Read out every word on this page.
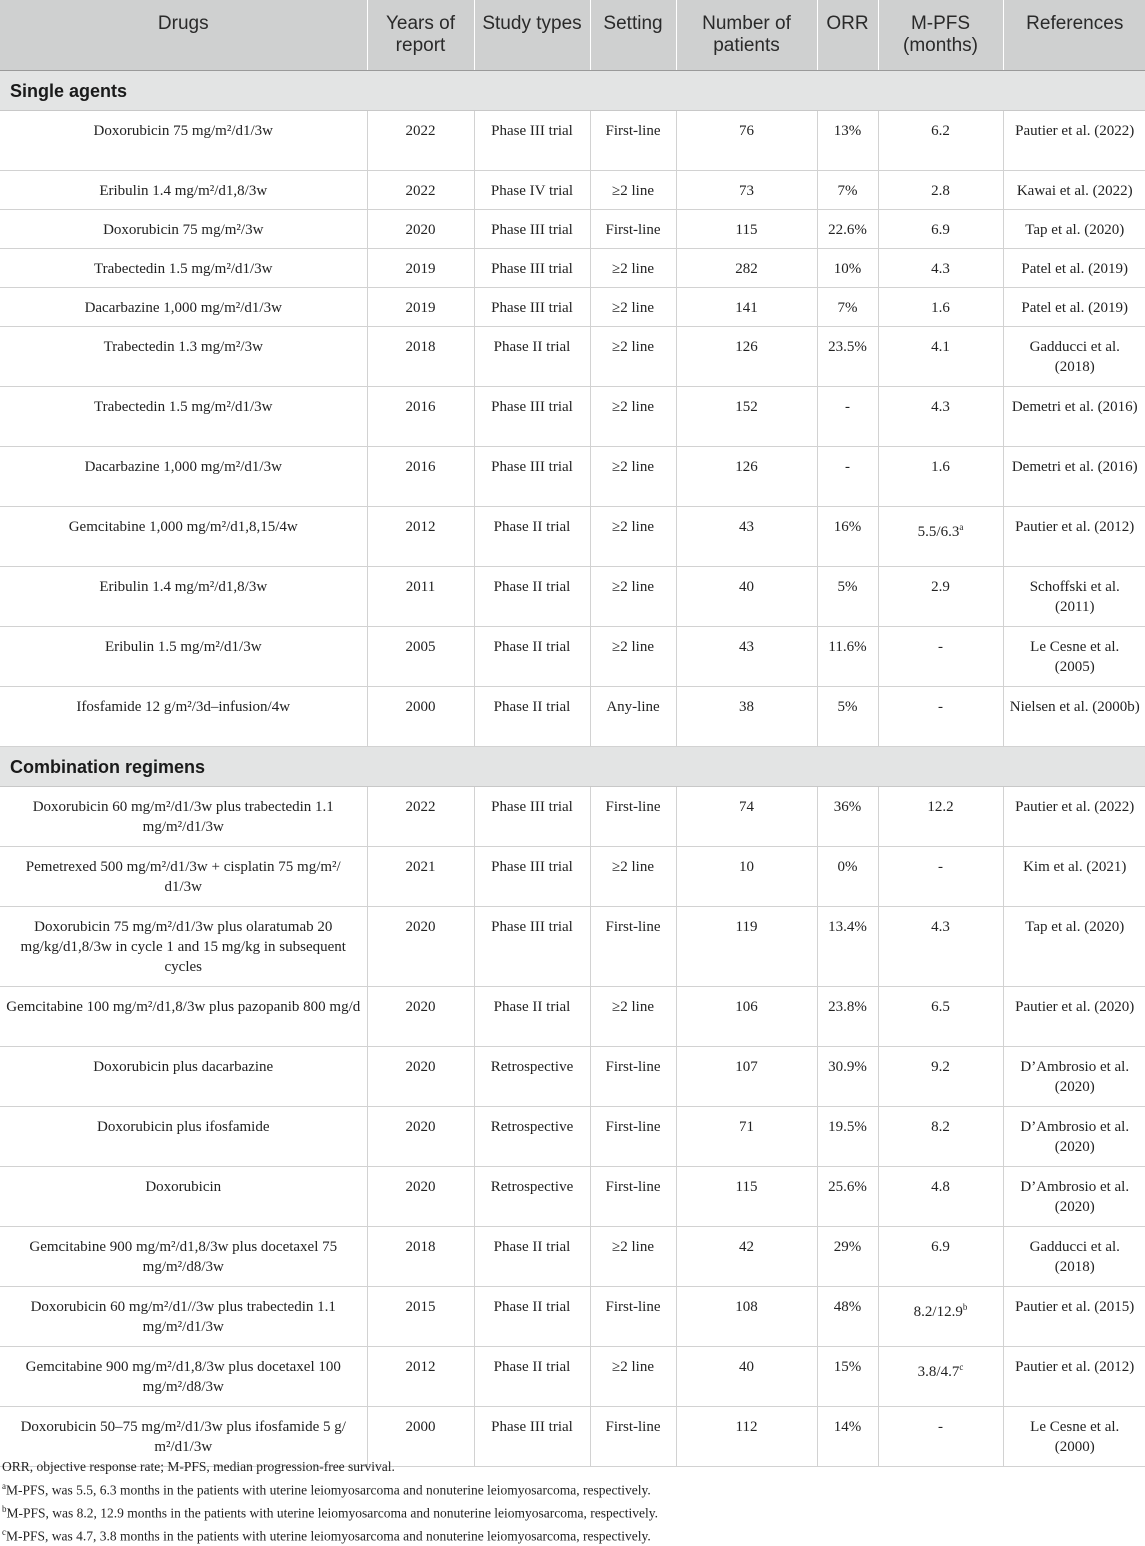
Drugs	Years of report	Study types	Setting	Number of patients	ORR	M-PFS (months)	References

Single agents							
Doxorubicin 75 mg/m²/d1/3w	2022	Phase III trial	First-line	76	13%	6.2	Pautier et al. (2022)
Eribulin 1.4 mg/m²/d1,8/3w	2022	Phase IV trial	≥2 line	73	7%	2.8	Kawai et al. (2022)
Doxorubicin 75 mg/m²/3w	2020	Phase III trial	First-line	115	22.6%	6.9	Tap et al. (2020)
Trabectedin 1.5 mg/m²/d1/3w	2019	Phase III trial	≥2 line	282	10%	4.3	Patel et al. (2019)
Dacarbazine 1,000 mg/m²/d1/3w	2019	Phase III trial	≥2 line	141	7%	1.6	Patel et al. (2019)
Trabectedin 1.3 mg/m²/3w	2018	Phase II trial	≥2 line	126	23.5%	4.1	Gadducci et al. (2018)
Trabectedin 1.5 mg/m²/d1/3w	2016	Phase III trial	≥2 line	152	-	4.3	Demetri et al. (2016)
Dacarbazine 1,000 mg/m²/d1/3w	2016	Phase III trial	≥2 line	126	-	1.6	Demetri et al. (2016)
Gemcitabine 1,000 mg/m²/d1,8,15/4w	2012	Phase II trial	≥2 line	43	16%	5.5/6.3$^a$	Pautier et al. (2012)
Eribulin 1.4 mg/m²/d1,8/3w	2011	Phase II trial	≥2 line	40	5%	2.9	Schoffski et al. (2011)
Eribulin 1.5 mg/m²/d1/3w	2005	Phase II trial	≥2 line	43	11.6%	-	Le Cesne et al. (2005)
Ifosfamide 12 g/m²/3d–infusion/4w	2000	Phase II trial	Any-line	38	5%	-	Nielsen et al. (2000b)
Combination regimens							
Doxorubicin 60 mg/m²/d1/3w plus trabectedin 1.1 mg/m²/d1/3w	2022	Phase III trial	First-line	74	36%	12.2	Pautier et al. (2022)
Pemetrexed 500 mg/m²/d1/3w + cisplatin 75 mg/m²/ d1/3w	2021	Phase III trial	≥2 line	10	0%	-	Kim et al. (2021)
Doxorubicin 75 mg/m²/d1/3w plus olaratumab 20 mg/kg/d1,8/3w in cycle 1 and 15 mg/kg in subsequent cycles	2020	Phase III trial	First-line	119	13.4%	4.3	Tap et al. (2020)
Gemcitabine 100 mg/m²/d1,8/3w plus pazopanib 800 mg/d	2020	Phase II trial	≥2 line	106	23.8%	6.5	Pautier et al. (2020)
Doxorubicin plus dacarbazine	2020	Retrospective	First-line	107	30.9%	9.2	D’Ambrosio et al. (2020)
Doxorubicin plus ifosfamide	2020	Retrospective	First-line	71	19.5%	8.2	D’Ambrosio et al. (2020)
Doxorubicin	2020	Retrospective	First-line	115	25.6%	4.8	D’Ambrosio et al. (2020)
Gemcitabine 900 mg/m²/d1,8/3w plus docetaxel 75 mg/m²/d8/3w	2018	Phase II trial	≥2 line	42	29%	6.9	Gadducci et al. (2018)
Doxorubicin 60 mg/m²/d1//3w plus trabectedin 1.1 mg/m²/d1/3w	2015	Phase II trial	First-line	108	48%	8.2/12.9$^b$	Pautier et al. (2015)
Gemcitabine 900 mg/m²/d1,8/3w plus docetaxel 100 mg/m²/d8/3w	2012	Phase II trial	≥2 line	40	15%	3.8/4.7$^c$	Pautier et al. (2012)
Doxorubicin 50–75 mg/m²/d1/3w plus ifosfamide 5 g/ m²/d1/3w	2000	Phase III trial	First-line	112	14%	-	Le Cesne et al. (2000)
ORR, objective response rate; M-PFS, median progression-free survival.
$^a$M-PFS, was 5.5, 6.3 months in the patients with uterine leiomyosarcoma and nonuterine leiomyosarcoma, respectively.
$^b$M-PFS, was 8.2, 12.9 months in the patients with uterine leiomyosarcoma and nonuterine leiomyosarcoma, respectively.
$^c$M-PFS, was 4.7, 3.8 months in the patients with uterine leiomyosarcoma and nonuterine leiomyosarcoma, respectively.
